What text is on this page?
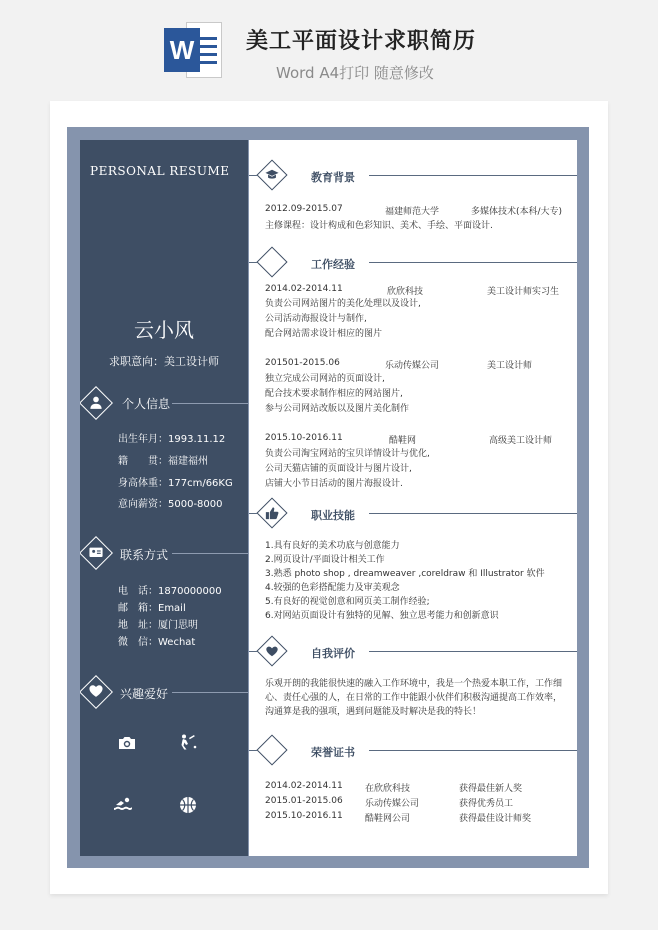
W 美工平面设计求职简历
Word A4打印 随意修改
PERSONAL RESUME
云小风
求职意向：美工设计师
个人信息
出生年月：1993.11.12
籍　　贯：福建福州
身高体重：177cm/66KG
意向薪资：5000-8000
联系方式
电　话：1870000000
邮　箱：Email
地　址：厦门思明
微　信：Wechat
兴趣爱好
教育背景
2012.09-2015.07	福建师范大学	多媒体技术(本科/大专)
主修课程：设计构成和色彩知识、美术、手绘、平面设计.
工作经验
2014.02-2014.11	欣欣科技	美工设计师实习生
负责公司网站图片的美化处理以及设计,
公司活动海报设计与制作,
配合网站需求设计相应的图片
201501-2015.06	乐动传媒公司	美工设计师
独立完成公司网站的页面设计,
配合技术要求制作相应的网站图片,
参与公司网站改版以及图片美化制作
2015.10-2016.11	酷鞋网	高级美工设计师
负责公司淘宝网站的宝贝详情设计与优化,
公司天猫店铺的页面设计与图片设计,
店铺大小节日活动的图片海报设计.
职业技能
1.具有良好的美术功底与创意能力
2.网页设计/平面设计相关工作
3.熟悉 photo shop , dreamweaver ,coreldraw 和 Illustrator 软件
4.较强的色彩搭配能力及审美观念
5.有良好的视觉创意和网页美工制作经验;
6.对网站页面设计有独特的见解、独立思考能力和创新意识
自我评价
乐观开朗的我能很快速的融入工作环境中，我是一个热爱本职工作，工作细心、责任心强的人，在日常的工作中能跟小伙伴们积极沟通提高工作效率，沟通算是我的强项，遇到问题能及时解决是我的特长！
荣誉证书
2014.02-2014.11 在欣欣科技	获得最佳新人奖
2015.01-2015.06 乐动传媒公司	获得优秀员工
2015.10-2016.11 酷鞋网公司	获得最佳设计师奖
